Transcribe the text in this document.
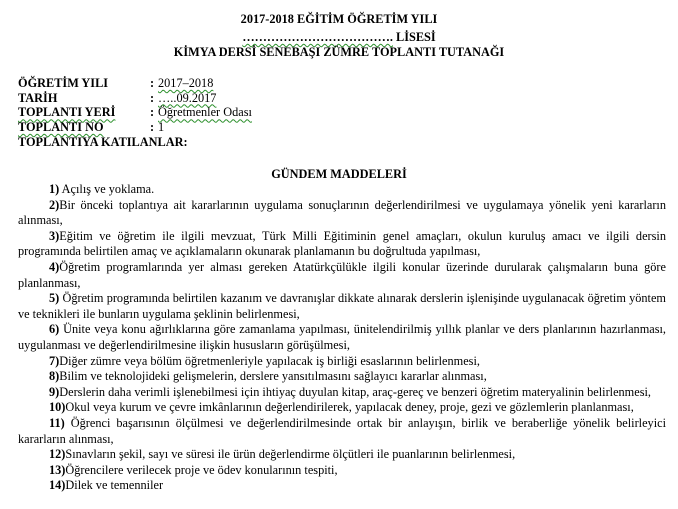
2017-2018 EĞİTİM ÖĞRETİM YILI
………………………………. LİSESİ
KİMYA DERSİ SENEBAŞI ZÜMRE TOPLANTI TUTANAĞI
ÖĞRETİM YILI	: 2017–2018
TARİH	: …..09.2017
TOPLANTI YERİ	: Öğretmenler Odası
TOPLANTI NO	: 1
TOPLANTIYA KATILANLAR:
GÜNDEM MADDELERİ

1) Açılış ve yoklama.

2)Bir önceki toplantıya ait kararlarının uygulama sonuçlarının değerlendirilmesi ve uygulamaya yönelik yeni kararların alınması,

3)Eğitim ve öğretim ile ilgili mevzuat, Türk Milli Eğitiminin genel amaçları, okulun kuruluş amacı ve ilgili dersin programında belirtilen amaç ve açıklamaların okunarak planlamanın bu doğrultuda yapılması,

4)Öğretim programlarında yer alması gereken Atatürkçülükle ilgili konular üzerinde durularak çalışmaların buna göre planlanması,

5) Öğretim programında belirtilen kazanım ve davranışlar dikkate alınarak derslerin işlenişinde uygulanacak öğretim yöntem ve teknikleri ile bunların uygulama şeklinin belirlenmesi,

6) Ünite veya konu ağırlıklarına göre zamanlama yapılması, ünitelendirilmiş yıllık planlar ve ders planlarının hazırlanması, uygulanması ve değerlendirilmesine ilişkin hususların görüşülmesi,

7)Diğer zümre veya bölüm öğretmenleriyle yapılacak iş birliği esaslarının belirlenmesi,

8)Bilim ve teknolojideki gelişmelerin, derslere yansıtılmasını sağlayıcı kararlar alınması,

9)Derslerin daha verimli işlenebilmesi için ihtiyaç duyulan kitap, araç-gereç ve benzeri öğretim materyalinin belirlenmesi,

10)Okul veya kurum ve çevre imkânlarının değerlendirilerek, yapılacak deney, proje, gezi ve gözlemlerin planlanması,

11) Öğrenci başarısının ölçülmesi ve değerlendirilmesinde ortak bir anlayışın, birlik ve beraberliğe yönelik belirleyici kararların alınması,

12)Sınavların şekil, sayı ve süresi ile ürün değerlendirme ölçütleri ile puanlarının belirlenmesi,

13)Öğrencilere verilecek proje ve ödev konularının tespiti,

14)Dilek ve temenniler
